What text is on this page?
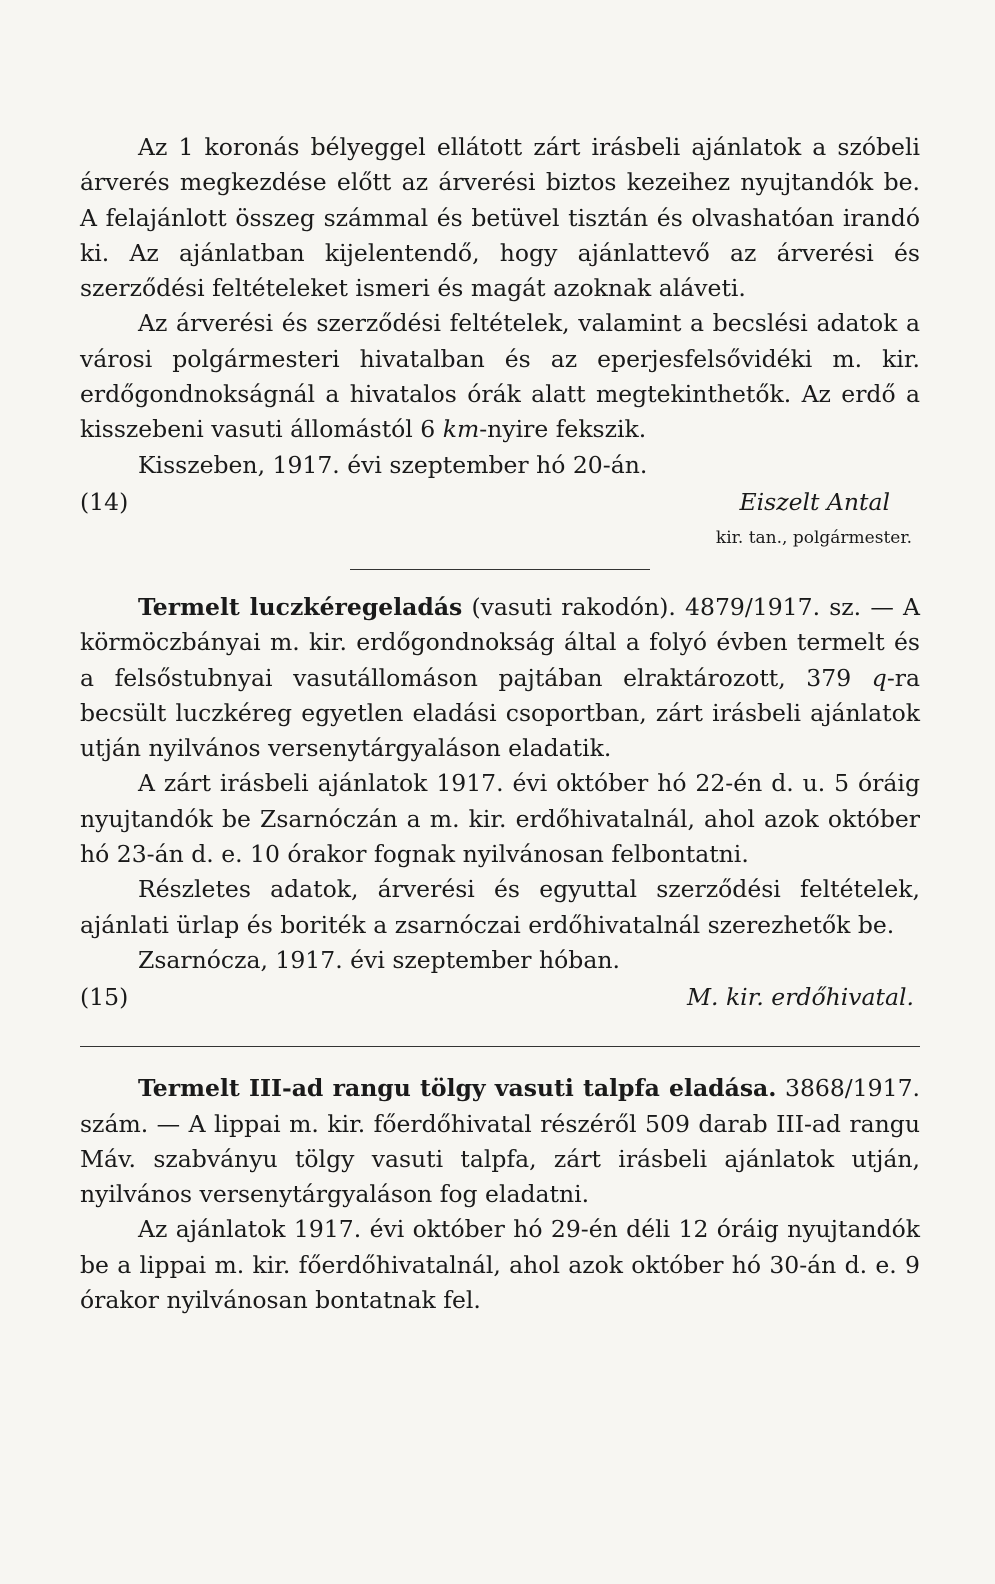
Az 1 koronás bélyeggel ellátott zárt irásbeli ajánlatok a szóbeli árverés megkezdése előtt az árverési biztos kezeihez nyujtandók be. A felajánlott összeg számmal és betüvel tisztán és olvashatóan irandó ki. Az ajánlatban kijelentendő, hogy ajánlattevő az árverési és szerződési feltételeket ismeri és magát azoknak aláveti.

Az árverési és szerződési feltételek, valamint a becslési adatok a városi polgármesteri hivatalban és az eperjesfelsővidéki m. kir. erdőgondnokságnál a hivatalos órák alatt megtekinthetők. Az erdő a kisszebeni vasuti állomástól 6 km-nyire fekszik.

Kisszeben, 1917. évi szeptember hó 20-án.

(14)	Eiszelt Antal
kir. tan., polgármester.

Termelt luczkéregeladás (vasuti rakodón). 4879/1917. sz. — A körmöczbányai m. kir. erdőgondnokság által a folyó évben termelt és a felsőstubnyai vasutállomáson pajtában elraktározott, 379 q-ra becsült luczkéreg egyetlen eladási csoportban, zárt irásbeli ajánlatok utján nyilvános versenytárgyaláson eladatik.

A zárt irásbeli ajánlatok 1917. évi október hó 22-én d. u. 5 óráig nyujtandók be Zsarnóczán a m. kir. erdőhivatalnál, ahol azok október hó 23-án d. e. 10 órakor fognak nyilvánosan felbontatni.

Részletes adatok, árverési és egyuttal szerződési feltételek, ajánlati ürlap és boriték a zsarnóczai erdőhivatalnál szerezhetők be.

Zsarnócza, 1917. évi szeptember hóban.

(15)	M. kir. erdőhivatal.

Termelt III-ad rangu tölgy vasuti talpfa eladása. 3868/1917. szám. — A lippai m. kir. főerdőhivatal részéről 509 darab III-ad rangu Máv. szabványu tölgy vasuti talpfa, zárt irásbeli ajánlatok utján, nyilvános versenytárgyaláson fog eladatni.

Az ajánlatok 1917. évi október hó 29-én déli 12 óráig nyujtandók be a lippai m. kir. főerdőhivatalnál, ahol azok október hó 30-án d. e. 9 órakor nyilvánosan bontatnak fel.
